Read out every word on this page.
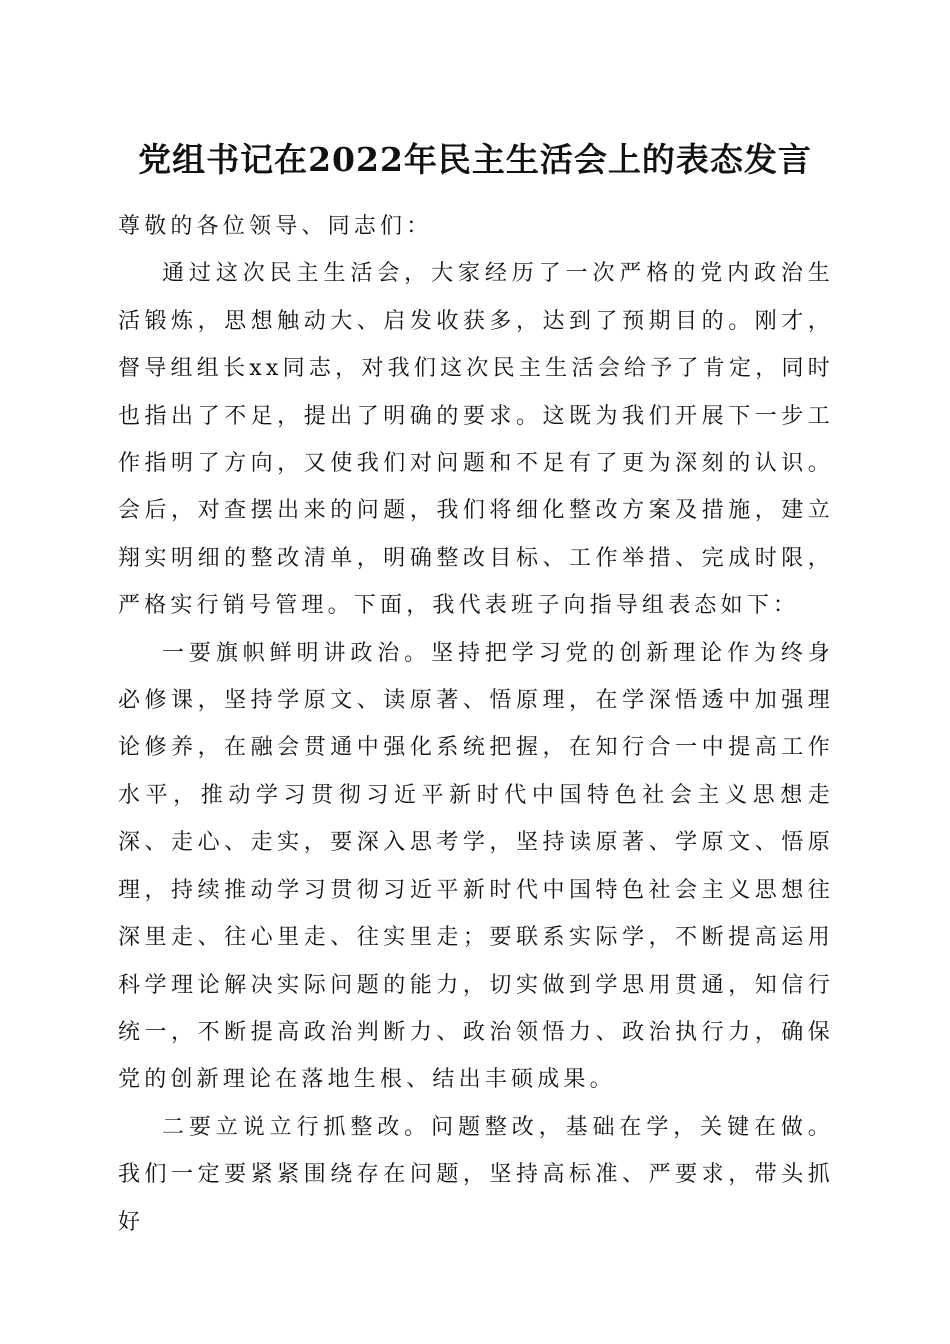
党组书记在2022年民主生活会上的表态发言

尊敬的各位领导、同志们：

通过这次民主生活会，大家经历了一次严格的党内政治生活锻炼，思想触动大、启发收获多，达到了预期目的。刚才，督导组组长xx同志，对我们这次民主生活会给予了肯定，同时也指出了不足，提出了明确的要求。这既为我们开展下一步工作指明了方向，又使我们对问题和不足有了更为深刻的认识。会后，对查摆出来的问题，我们将细化整改方案及措施，建立翔实明细的整改清单，明确整改目标、工作举措、完成时限，严格实行销号管理。下面，我代表班子向指导组表态如下：

一要旗帜鲜明讲政治。坚持把学习党的创新理论作为终身必修课，坚持学原文、读原著、悟原理，在学深悟透中加强理论修养，在融会贯通中强化系统把握，在知行合一中提高工作水平，推动学习贯彻习近平新时代中国特色社会主义思想走深、走心、走实，要深入思考学，坚持读原著、学原文、悟原理，持续推动学习贯彻习近平新时代中国特色社会主义思想往深里走、往心里走、往实里走；要联系实际学，不断提高运用科学理论解决实际问题的能力，切实做到学思用贯通，知信行统一，不断提高政治判断力、政治领悟力、政治执行力，确保党的创新理论在落地生根、结出丰硕成果。

二要立说立行抓整改。问题整改，基础在学，关键在做。我们一定要紧紧围绕存在问题，坚持高标准、严要求，带头抓好
